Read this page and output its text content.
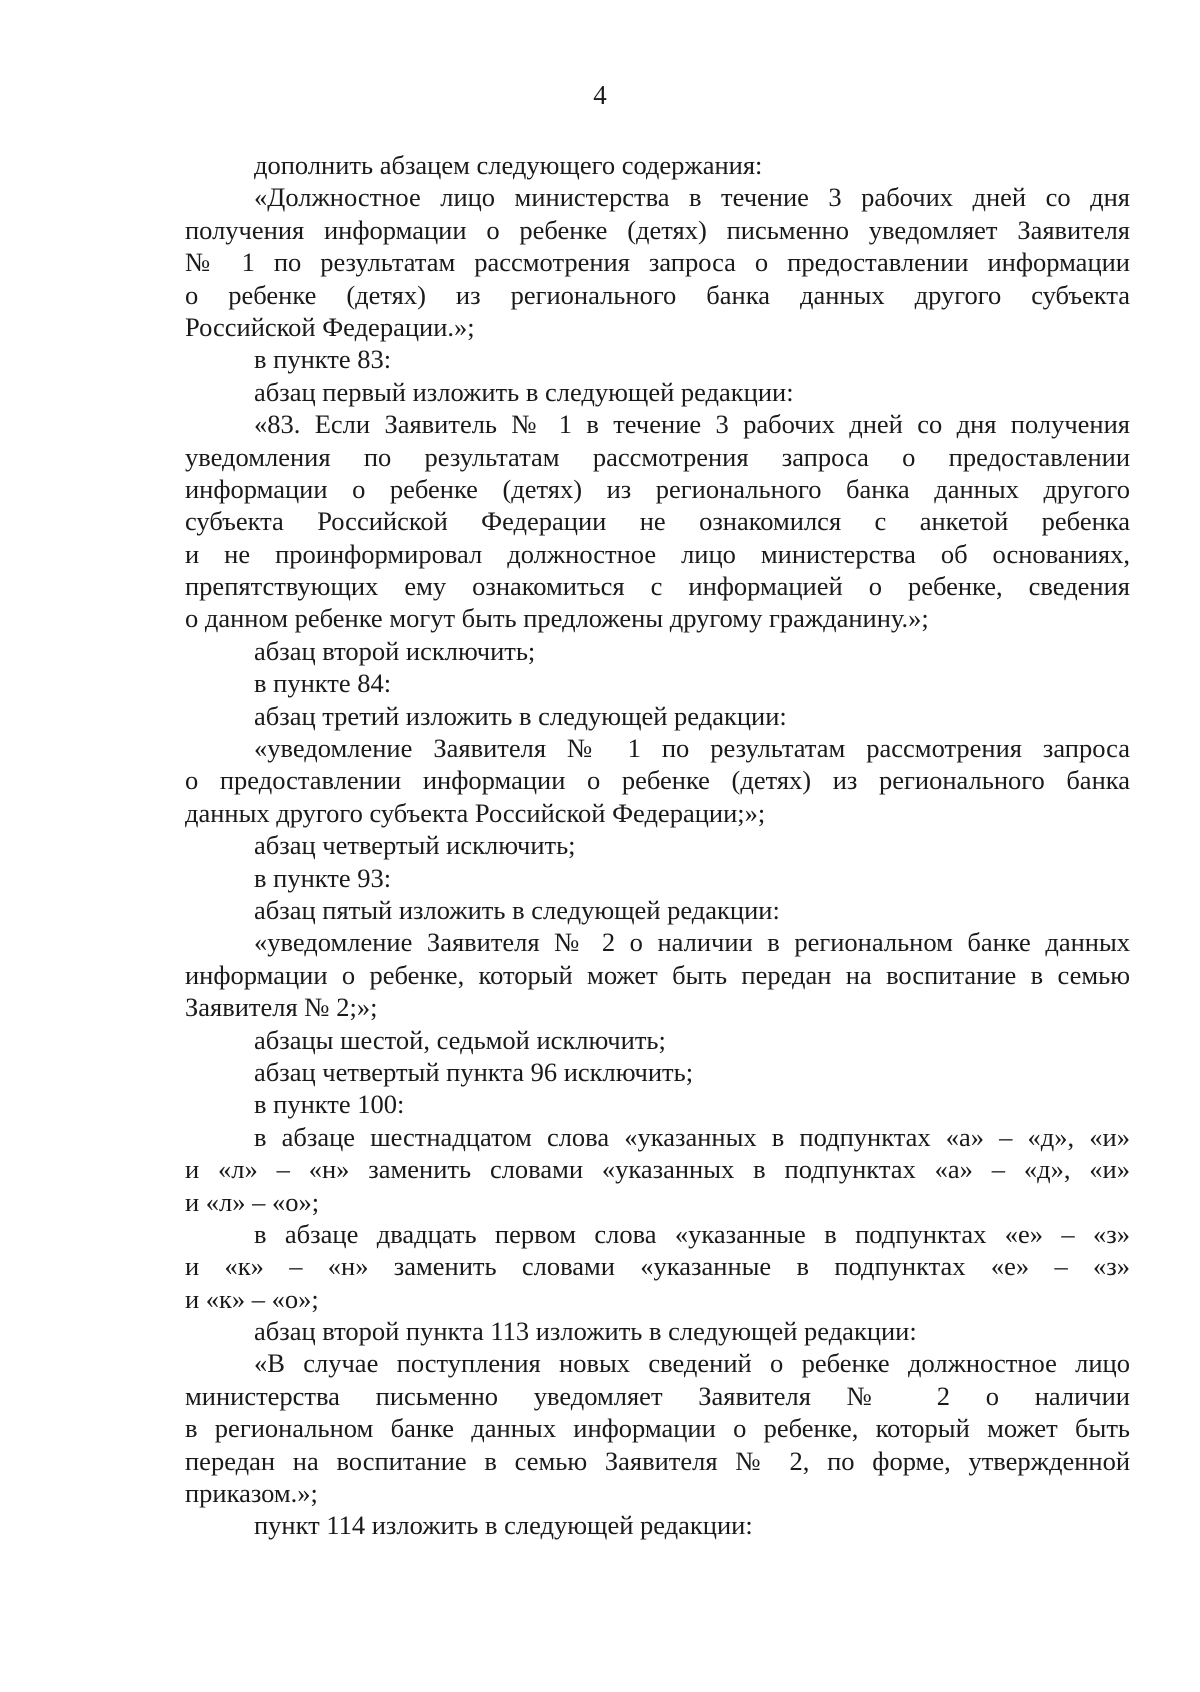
4
дополнить абзацем следующего содержания:
«Должностное лицо министерства в течение 3 рабочих дней со дня
получения информации о ребенке (детях) письменно уведомляет Заявителя
№ 1 по результатам рассмотрения запроса о предоставлении информации
о ребенке (детях) из регионального банка данных другого субъекта
Российской Федерации.»;
в пункте 83:
абзац первый изложить в следующей редакции:
«83. Если Заявитель № 1 в течение 3 рабочих дней со дня получения
уведомления по результатам рассмотрения запроса о предоставлении
информации о ребенке (детях) из регионального банка данных другого
субъекта Российской Федерации не ознакомился с анкетой ребенка
и не проинформировал должностное лицо министерства об основаниях,
препятствующих ему ознакомиться с информацией о ребенке, сведения
о данном ребенке могут быть предложены другому гражданину.»;
абзац второй исключить;
в пункте 84:
абзац третий изложить в следующей редакции:
«уведомление Заявителя № 1 по результатам рассмотрения запроса
о предоставлении информации о ребенке (детях) из регионального банка
данных другого субъекта Российской Федерации;»;
абзац четвертый исключить;
в пункте 93:
абзац пятый изложить в следующей редакции:
«уведомление Заявителя № 2 о наличии в региональном банке данных
информации о ребенке, который может быть передан на воспитание в семью
Заявителя № 2;»;
абзацы шестой, седьмой исключить;
абзац четвертый пункта 96 исключить;
в пункте 100:
в абзаце шестнадцатом слова «указанных в подпунктах «а» – «д», «и»
и «л» – «н» заменить словами «указанных в подпунктах «а» – «д», «и»
и «л» – «о»;
в абзаце двадцать первом слова «указанные в подпунктах «е» – «з»
и «к» – «н» заменить словами «указанные в подпунктах «е» – «з»
и «к» – «о»;
абзац второй пункта 113 изложить в следующей редакции:
«В случае поступления новых сведений о ребенке должностное лицо
министерства письменно уведомляет Заявителя № 2 о наличии
в региональном банке данных информации о ребенке, который может быть
передан на воспитание в семью Заявителя № 2, по форме, утвержденной
приказом.»;
пункт 114 изложить в следующей редакции:
